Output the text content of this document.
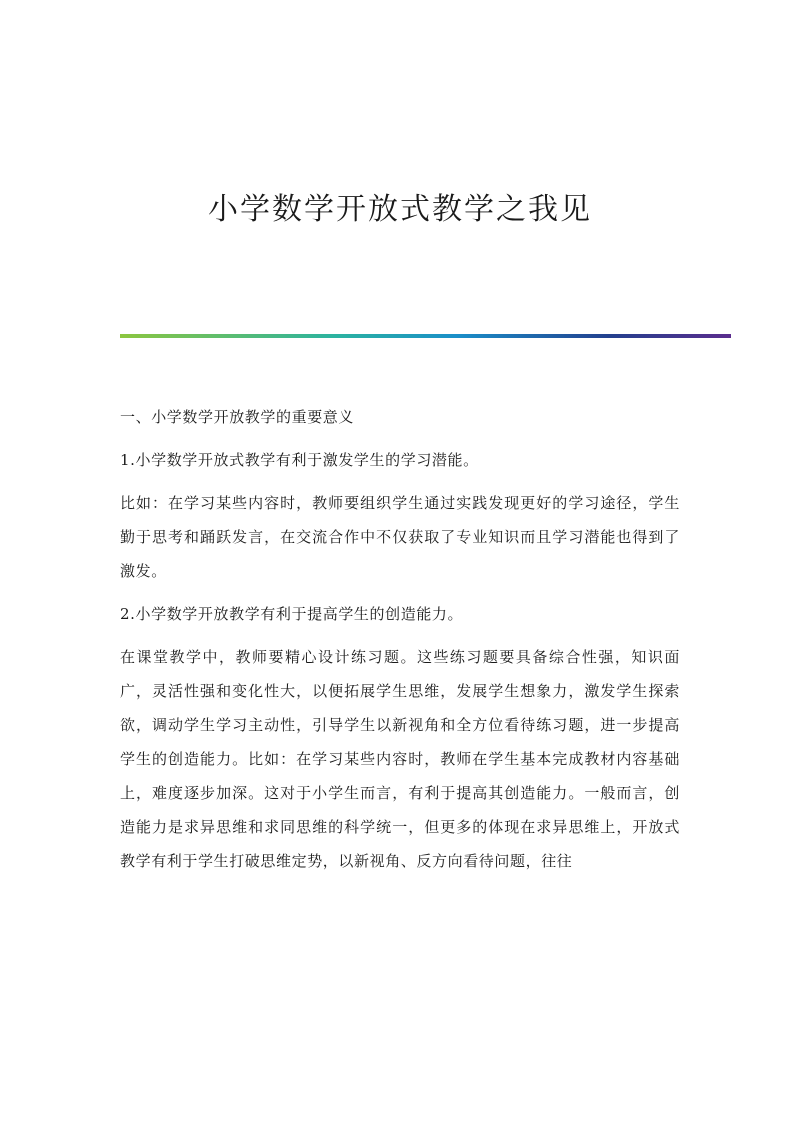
小学数学开放式教学之我见

一、小学数学开放教学的重要意义

1.小学数学开放式教学有利于激发学生的学习潜能。

比如：在学习某些内容时，教师要组织学生通过实践发现更好的学习途径，学生勤于思考和踊跃发言，在交流合作中不仅获取了专业知识而且学习潜能也得到了激发。

2.小学数学开放教学有利于提高学生的创造能力。

在课堂教学中，教师要精心设计练习题。这些练习题要具备综合性强，知识面广，灵活性强和变化性大，以便拓展学生思维，发展学生想象力，激发学生探索欲，调动学生学习主动性，引导学生以新视角和全方位看待练习题，进一步提高学生的创造能力。比如：在学习某些内容时，教师在学生基本完成教材内容基础上，难度逐步加深。这对于小学生而言，有利于提高其创造能力。一般而言，创造能力是求异思维和求同思维的科学统一，但更多的体现在求异思维上，开放式教学有利于学生打破思维定势，以新视角、反方向看待问题，往往
